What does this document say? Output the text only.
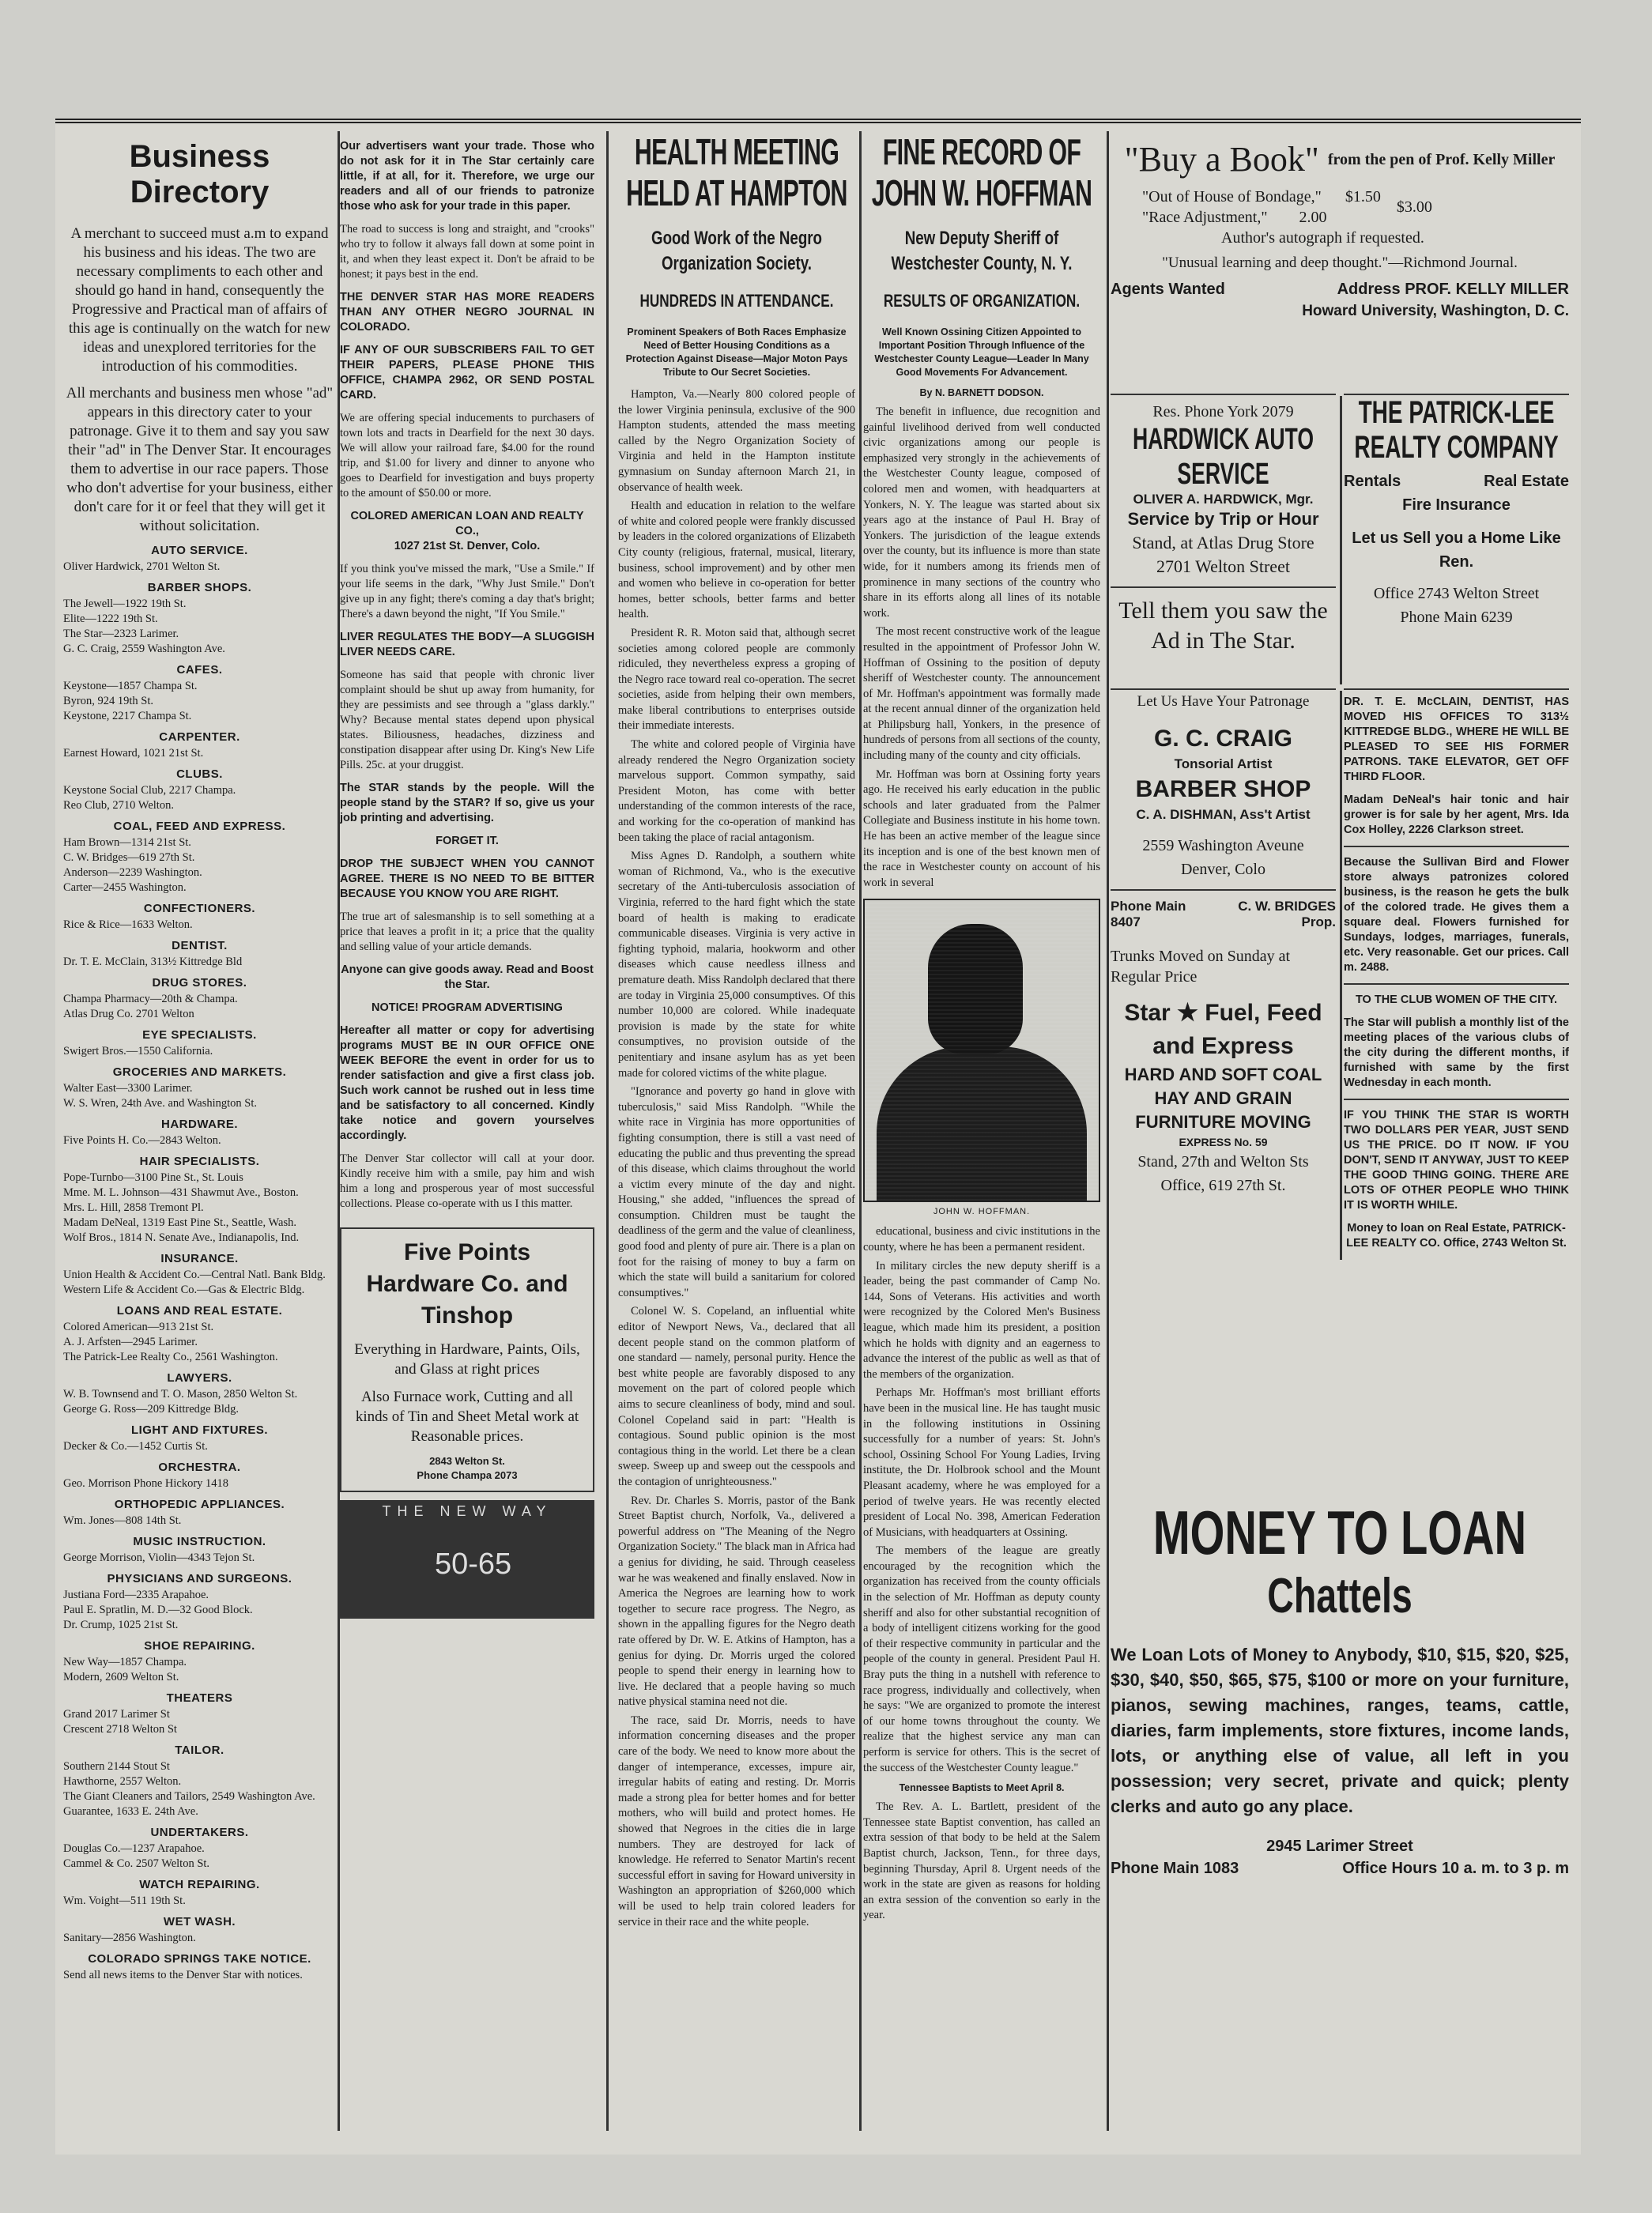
Business Directory

A merchant to succeed must a.m to expand his business and his ideas. The two are necessary compliments to each other and should go hand in hand, consequently the Progressive and Practical man of affairs of this age is continually on the watch for new ideas and unexplored territories for the introduction of his commodities.

All merchants and business men whose "ad" appears in this directory cater to your patronage. Give it to them and say you saw their "ad" in The Denver Star. It encourages them to advertise in our race papers. Those who don't advertise for your business, either don't care for it or feel that they will get it without solicitation.

AUTO SERVICE.

Oliver Hardwick, 2701 Welton St.

BARBER SHOPS.

The Jewell—1922 19th St.

Elite—1222 19th St.

The Star—2323 Larimer.

G. C. Craig, 2559 Washington Ave.

CAFES.

Keystone—1857 Champa St.

Byron, 924 19th St.

Keystone, 2217 Champa St.

CARPENTER.

Earnest Howard, 1021 21st St.

CLUBS.

Keystone Social Club, 2217 Champa.

Reo Club, 2710 Welton.

COAL, FEED AND EXPRESS.

Ham Brown—1314 21st St.

C. W. Bridges—619 27th St.

Anderson—2239 Washington.

Carter—2455 Washington.

CONFECTIONERS.

Rice & Rice—1633 Welton.

DENTIST.

Dr. T. E. McClain, 313½ Kittredge Bld

DRUG STORES.

Champa Pharmacy—20th & Champa.

Atlas Drug Co. 2701 Welton

EYE SPECIALISTS.

Swigert Bros.—1550 California.

GROCERIES AND MARKETS.

Walter East—3300 Larimer.

W. S. Wren, 24th Ave. and Washington St.

HARDWARE.

Five Points H. Co.—2843 Welton.

HAIR SPECIALISTS.

Pope-Turnbo—3100 Pine St., St. Louis

Mme. M. L. Johnson—431 Shawmut Ave., Boston.

Mrs. L. Hill, 2858 Tremont Pl.

Madam DeNeal, 1319 East Pine St., Seattle, Wash.

Wolf Bros., 1814 N. Senate Ave., Indianapolis, Ind.

INSURANCE.

Union Health & Accident Co.—Central Natl. Bank Bldg.

Western Life & Accident Co.—Gas & Electric Bldg.

LOANS AND REAL ESTATE.

Colored American—913 21st St.

A. J. Arfsten—2945 Larimer.

The Patrick-Lee Realty Co., 2561 Washington.

LAWYERS.

W. B. Townsend and T. O. Mason, 2850 Welton St.

George G. Ross—209 Kittredge Bldg.

LIGHT AND FIXTURES.

Decker & Co.—1452 Curtis St.

ORCHESTRA.

Geo. Morrison Phone Hickory 1418

ORTHOPEDIC APPLIANCES.

Wm. Jones—808 14th St.

MUSIC INSTRUCTION.

George Morrison, Violin—4343 Tejon St.

PHYSICIANS AND SURGEONS.

Justiana Ford—2335 Arapahoe.

Paul E. Spratlin, M. D.—32 Good Block.

Dr. Crump, 1025 21st St.

SHOE REPAIRING.

New Way—1857 Champa.

Modern, 2609 Welton St.

THEATERS

Grand 2017 Larimer St

Crescent 2718 Welton St

TAILOR.

Southern 2144 Stout St

Hawthorne, 2557 Welton.

The Giant Cleaners and Tailors, 2549 Washington Ave.

Guarantee, 1633 E. 24th Ave.

UNDERTAKERS.

Douglas Co.—1237 Arapahoe.

Cammel & Co. 2507 Welton St.

WATCH REPAIRING.

Wm. Voight—511 19th St.

WET WASH.

Sanitary—2856 Washington.

COLORADO SPRINGS TAKE NOTICE.

Send all news items to the Denver Star with notices.

Our advertisers want your trade. Those who do not ask for it in The Star certainly care little, if at all, for it. Therefore, we urge our readers and all of our friends to patronize those who ask for your trade in this paper.

The road to success is long and straight, and "crooks" who try to follow it always fall down at some point in it, and when they least expect it. Don't be afraid to be honest; it pays best in the end.

THE DENVER STAR HAS MORE READERS THAN ANY OTHER NEGRO JOURNAL IN COLORADO.

IF ANY OF OUR SUBSCRIBERS FAIL TO GET THEIR PAPERS, PLEASE PHONE THIS OFFICE, CHAMPA 2962, OR SEND POSTAL CARD.

We are offering special inducements to purchasers of town lots and tracts in Dearfield for the next 30 days. We will allow your railroad fare, $4.00 for the round trip, and $1.00 for livery and dinner to anyone who goes to Dearfield for investigation and buys property to the amount of $50.00 or more.

COLORED AMERICAN LOAN AND REALTY CO.,

1027 21st St. Denver, Colo.

If you think you've missed the mark, "Use a Smile." If your life seems in the dark, "Why Just Smile." Don't give up in any fight; there's coming a day that's bright; There's a dawn beyond the night, "If You Smile."

LIVER REGULATES THE BODY—A SLUGGISH LIVER NEEDS CARE.

Someone has said that people with chronic liver complaint should be shut up away from humanity, for they are pessimists and see through a "glass darkly." Why? Because mental states depend upon physical states. Biliousness, headaches, dizziness and constipation disappear after using Dr. King's New Life Pills. 25c. at your druggist.

The STAR stands by the people. Will the people stand by the STAR? If so, give us your job printing and advertising.

FORGET IT.

DROP THE SUBJECT WHEN YOU CANNOT AGREE. THERE IS NO NEED TO BE BITTER BECAUSE YOU KNOW YOU ARE RIGHT.

The true art of salesmanship is to sell something at a price that leaves a profit in it; a price that the quality and selling value of your article demands.

Anyone can give goods away. Read and Boost the Star.

NOTICE! PROGRAM ADVERTISING

Hereafter all matter or copy for advertising programs MUST BE IN OUR OFFICE ONE WEEK BEFORE the event in order for us to render satisfaction and give a first class job. Such work cannot be rushed out in less time and be satisfactory to all concerned. Kindly take notice and govern yourselves accordingly.

The Denver Star collector will call at your door. Kindly receive him with a smile, pay him and wish him a long and prosperous year of most successful collections. Please co-operate with us I this matter.

Five Points Hardware Co. and Tinshop
Everything in Hardware, Paints, Oils, and Glass at right prices
Also Furnace work, Cutting and all kinds of Tin and Sheet Metal work at Reasonable prices.
2843 Welton St.
Phone Champa 2073
THE NEW WAY
50-65
HEALTH MEETING HELD AT HAMPTON
Good Work of the Negro Organization Society.
HUNDREDS IN ATTENDANCE.
Prominent Speakers of Both Races Emphasize Need of Better Housing Conditions as a Protection Against Disease—Major Moton Pays Tribute to Our Secret Societies.

Hampton, Va.—Nearly 800 colored people of the lower Virginia peninsula, exclusive of the 900 Hampton students, attended the mass meeting called by the Negro Organization Society of Virginia and held in the Hampton institute gymnasium on Sunday afternoon March 21, in observance of health week.

Health and education in relation to the welfare of white and colored people were frankly discussed by leaders in the colored organizations of Elizabeth City county (religious, fraternal, musical, literary, business, school improvement) and by other men and women who believe in co-operation for better homes, better schools, better farms and better health.

President R. R. Moton said that, although secret societies among colored people are commonly ridiculed, they nevertheless express a groping of the Negro race toward real co-operation. The secret societies, aside from helping their own members, make liberal contributions to enterprises outside their immediate interests.

The white and colored people of Virginia have already rendered the Negro Organization society marvelous support. Common sympathy, said President Moton, has come with better understanding of the common interests of the race, and working for the co-operation of mankind has been taking the place of racial antagonism.

Miss Agnes D. Randolph, a southern white woman of Richmond, Va., who is the executive secretary of the Anti-tuberculosis association of Virginia, referred to the hard fight which the state board of health is making to eradicate communicable diseases. Virginia is very active in fighting typhoid, malaria, hookworm and other diseases which cause needless illness and premature death. Miss Randolph declared that there are today in Virginia 25,000 consumptives. Of this number 10,000 are colored. While inadequate provision is made by the state for white consumptives, no provision outside of the penitentiary and insane asylum has as yet been made for colored victims of the white plague.

"Ignorance and poverty go hand in glove with tuberculosis," said Miss Randolph. "While the white race in Virginia has more opportunities of fighting consumption, there is still a vast need of educating the public and thus preventing the spread of this disease, which claims throughout the world a victim every minute of the day and night. Housing," she added, "influences the spread of consumption. Children must be taught the deadliness of the germ and the value of cleanliness, good food and plenty of pure air. There is a plan on foot for the raising of money to buy a farm on which the state will build a sanitarium for colored consumptives."

Colonel W. S. Copeland, an influential white editor of Newport News, Va., declared that all decent people stand on the common platform of one standard — namely, personal purity. Hence the best white people are favorably disposed to any movement on the part of colored people which aims to secure cleanliness of body, mind and soul. Colonel Copeland said in part: "Health is contagious. Sound public opinion is the most contagious thing in the world. Let there be a clean sweep. Sweep up and sweep out the cesspools and the contagion of unrighteousness."

Rev. Dr. Charles S. Morris, pastor of the Bank Street Baptist church, Norfolk, Va., delivered a powerful address on "The Meaning of the Negro Organization Society." The black man in Africa had a genius for dividing, he said. Through ceaseless war he was weakened and finally enslaved. Now in America the Negroes are learning how to work together to secure race progress. The Negro, as shown in the appalling figures for the Negro death rate offered by Dr. W. E. Atkins of Hampton, has a genius for dying. Dr. Morris urged the colored people to spend their energy in learning how to live. He declared that a people having so much native physical stamina need not die.

The race, said Dr. Morris, needs to have information concerning diseases and the proper care of the body. We need to know more about the danger of intemperance, excesses, impure air, irregular habits of eating and resting. Dr. Morris made a strong plea for better homes and for better mothers, who will build and protect homes. He showed that Negroes in the cities die in large numbers. They are destroyed for lack of knowledge. He referred to Senator Martin's recent successful effort in saving for Howard university in Washington an appropriation of $260,000 which will be used to help train colored leaders for service in their race and the white people.

FINE RECORD OF JOHN W. HOFFMAN
New Deputy Sheriff of Westchester County, N. Y.
RESULTS OF ORGANIZATION.
Well Known Ossining Citizen Appointed to Important Position Through Influence of the Westchester County League—Leader In Many Good Movements For Advancement.
By N. BARNETT DODSON.

The benefit in influence, due recognition and gainful livelihood derived from well conducted civic organizations among our people is emphasized very strongly in the achievements of the Westchester County league, composed of colored men and women, with headquarters at Yonkers, N. Y. The league was started about six years ago at the instance of Paul H. Bray of Yonkers. The jurisdiction of the league extends over the county, but its influence is more than state wide, for it numbers among its friends men of prominence in many sections of the country who share in its efforts along all lines of its notable work.

The most recent constructive work of the league resulted in the appointment of Professor John W. Hoffman of Ossining to the position of deputy sheriff of Westchester county. The announcement of Mr. Hoffman's appointment was formally made at the recent annual dinner of the organization held at Philipsburg hall, Yonkers, in the presence of hundreds of persons from all sections of the county, including many of the county and city officials.

Mr. Hoffman was born at Ossining forty years ago. He received his early education in the public schools and later graduated from the Palmer Collegiate and Business institute in his home town. He has been an active member of the league since its inception and is one of the best known men of the race in Westchester county on account of his work in several

JOHN W. HOFFMAN.

educational, business and civic institutions in the county, where he has been a permanent resident.

In military circles the new deputy sheriff is a leader, being the past commander of Camp No. 144, Sons of Veterans. His activities and worth were recognized by the Colored Men's Business league, which made him its president, a position which he holds with dignity and an eagerness to advance the interest of the public as well as that of the members of the organization.

Perhaps Mr. Hoffman's most brilliant efforts have been in the musical line. He has taught music in the following institutions in Ossining successfully for a number of years: St. John's school, Ossining School For Young Ladies, Irving institute, the Dr. Holbrook school and the Mount Pleasant academy, where he was employed for a period of twelve years. He was recently elected president of Local No. 398, American Federation of Musicians, with headquarters at Ossining.

The members of the league are greatly encouraged by the recognition which the organization has received from the county officials in the selection of Mr. Hoffman as deputy county sheriff and also for other substantial recognition of a body of intelligent citizens working for the good of their respective community in particular and the people of the county in general. President Paul H. Bray puts the thing in a nutshell with reference to race progress, individually and collectively, when he says: "We are organized to promote the interest of our home towns throughout the county. We realize that the highest service any man can perform is service for others. This is the secret of the success of the Westchester County league."

Tennessee Baptists to Meet April 8.

The Rev. A. L. Bartlett, president of the Tennessee state Baptist convention, has called an extra session of that body to be held at the Salem Baptist church, Jackson, Tenn., for three days, beginning Thursday, April 8. Urgent needs of the work in the state are given as reasons for holding an extra session of the convention so early in the year.

"Buy a Book" $^{from the pen of Prof. Kelly Miller}$

"Out of House of Bondage," $1.50

"Race Adjustment," 2.00

$3.00

Author's autograph if requested.

"Unusual learning and deep thought."—Richmond Journal.
Agents Wanted	Address PROF. KELLY MILLER
Howard University, Washington, D. C.
Res. Phone York 2079
HARDWICK AUTO SERVICE
OLIVER A. HARDWICK, Mgr.
Service by Trip or Hour
Stand, at Atlas Drug Store
2701 Welton Street
Tell them you saw the Ad in The Star.
THE PATRICK-LEE REALTY COMPANY
Rentals	Real Estate
Fire Insurance
Let us Sell you a Home Like Ren.
Office 2743 Welton Street
Phone Main 6239
Let Us Have Your Patronage
G. C. CRAIG
Tonsorial Artist
BARBER SHOP
C. A. DISHMAN, Ass't Artist
2559 Washington Aveune
Denver, Colo
Phone Main	C. W. BRIDGES
8407	Prop.
Trunks Moved on Sunday at Regular Price
Star ★ Fuel, Feed and Express
HARD AND SOFT COAL
HAY AND GRAIN
FURNITURE MOVING
EXPRESS No. 59
Stand, 27th and Welton Sts
Office, 619 27th St.

DR. T. E. McCLAIN, DENTIST, HAS MOVED HIS OFFICES TO 313½ KITTREDGE BLDG., WHERE HE WILL BE PLEASED TO SEE HIS FORMER PATRONS. TAKE ELEVATOR, GET OFF THIRD FLOOR.

Madam DeNeal's hair tonic and hair grower is for sale by her agent, Mrs. Ida Cox Holley, 2226 Clarkson street.

Because the Sullivan Bird and Flower store always patronizes colored business, is the reason he gets the bulk of the colored trade. He gives them a square deal. Flowers furnished for Sundays, lodges, marriages, funerals, etc. Very reasonable. Get our prices. Call m. 2488.

TO THE CLUB WOMEN OF THE CITY.

The Star will publish a monthly list of the meeting places of the various clubs of the city during the different months, if furnished with same by the first Wednesday in each month.

IF YOU THINK THE STAR IS WORTH TWO DOLLARS PER YEAR, JUST SEND US THE PRICE. DO IT NOW. IF YOU DON'T, SEND IT ANYWAY, JUST TO KEEP THE GOOD THING GOING. THERE ARE LOTS OF OTHER PEOPLE WHO THINK IT IS WORTH WHILE.

Money to loan on Real Estate, PATRICK-LEE REALTY CO. Office, 2743 Welton St.

MONEY TO LOAN
Chattels
We Loan Lots of Money to Anybody, $10, $15, $20, $25, $30, $40, $50, $65, $75, $100 or more on your furniture, pianos, sewing machines, ranges, teams, cattle, diaries, farm implements, store fixtures, income lands, lots, or anything else of value, all left in you possession; very secret, private and quick; plenty clerks and auto go any place.
2945 Larimer Street
Phone Main 1083	Office Hours 10 a. m. to 3 p. m
